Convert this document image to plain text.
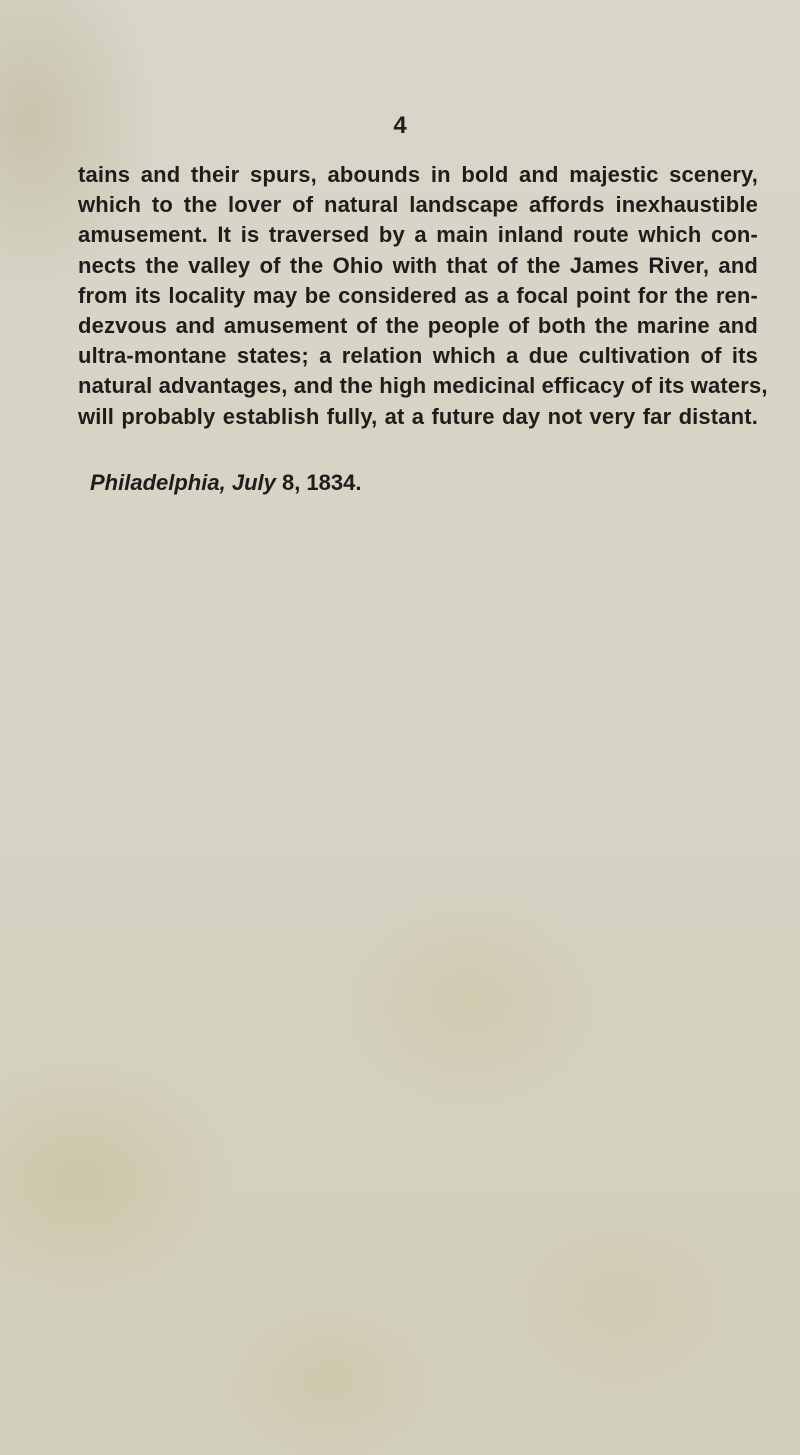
4
tains and their spurs, abounds in bold and majestic scenery,
which to the lover of natural landscape affords inexhaustible
amusement. It is traversed by a main inland route which con-
nects the valley of the Ohio with that of the James River, and
from its locality may be considered as a focal point for the ren-
dezvous and amusement of the people of both the marine and
ultra-montane states; a relation which a due cultivation of its
natural advantages, and the high medicinal efficacy of its waters,
will probably establish fully, at a future day not very far distant.
Philadelphia, July 8, 1834.
